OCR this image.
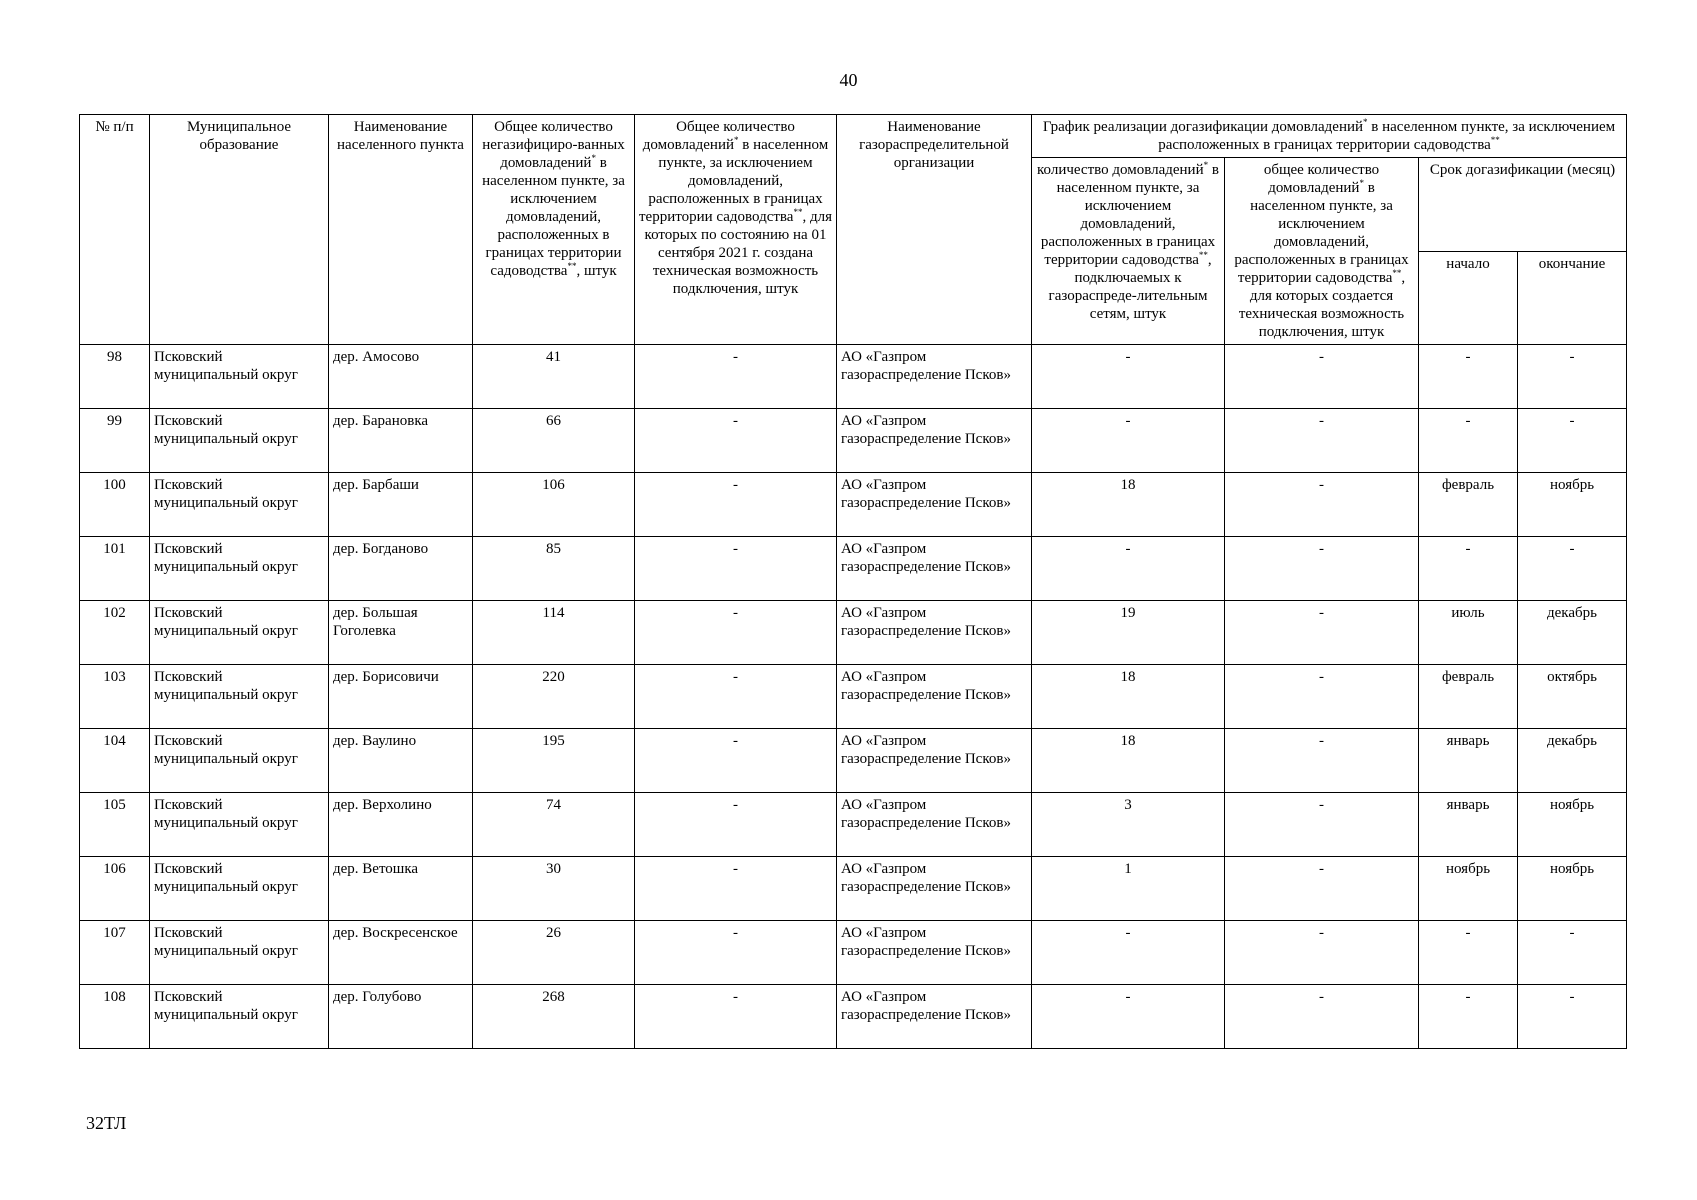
40
№ п/п	Муниципальное образование	Наименование населенного пункта	Общее количество негазифициро-ванных домовладений* в населенном пункте, за исключением домовладений, расположенных в границах территории садоводства**, штук	Общее количество домовладений* в населенном пункте, за исключением домовладений, расположенных в границах территории садоводства**, для которых по состоянию на 01 сентября 2021 г. создана техническая возможность подключения, штук	Наименование газораспределительной организации	График реализации догазификации домовладений* в населенном пункте, за исключением расположенных в границах территории садоводства**
						количество домовладений* в населенном пункте, за исключением домовладений, расположенных в границах территории садоводства**, подключаемых к газораспреде-лительным сетям, штук	общее количество домовладений* в населенном пункте, за исключением домовладений, расположенных в границах территории садоводства**, для которых создается техническая возможность подключения, штук	Срок догазификации (месяц)	
								начало	окончание
98	Псковский муниципальный округ	дер. Амосово	41	-	АО «Газпром газораспределение Псков»	-	-	-	-
99	Псковский муниципальный округ	дер. Барановка	66	-	АО «Газпром газораспределение Псков»	-	-	-	-
100	Псковский муниципальный округ	дер. Барбаши	106	-	АО «Газпром газораспределение Псков»	18	-	февраль	ноябрь
101	Псковский муниципальный округ	дер. Богданово	85	-	АО «Газпром газораспределение Псков»	-	-	-	-
102	Псковский муниципальный округ	дер. Большая Гоголевка	114	-	АО «Газпром газораспределение Псков»	19	-	июль	декабрь
103	Псковский муниципальный округ	дер. Борисовичи	220	-	АО «Газпром газораспределение Псков»	18	-	февраль	октябрь
104	Псковский муниципальный округ	дер. Ваулино	195	-	АО «Газпром газораспределение Псков»	18	-	январь	декабрь
105	Псковский муниципальный округ	дер. Верхолино	74	-	АО «Газпром газораспределение Псков»	3	-	январь	ноябрь
106	Псковский муниципальный округ	дер. Ветошка	30	-	АО «Газпром газораспределение Псков»	1	-	ноябрь	ноябрь
107	Псковский муниципальный округ	дер. Воскресенское	26	-	АО «Газпром газораспределение Псков»	-	-	-	-
108	Псковский муниципальный округ	дер. Голубово	268	-	АО «Газпром газораспределение Псков»	-	-	-	-
32ТЛ
